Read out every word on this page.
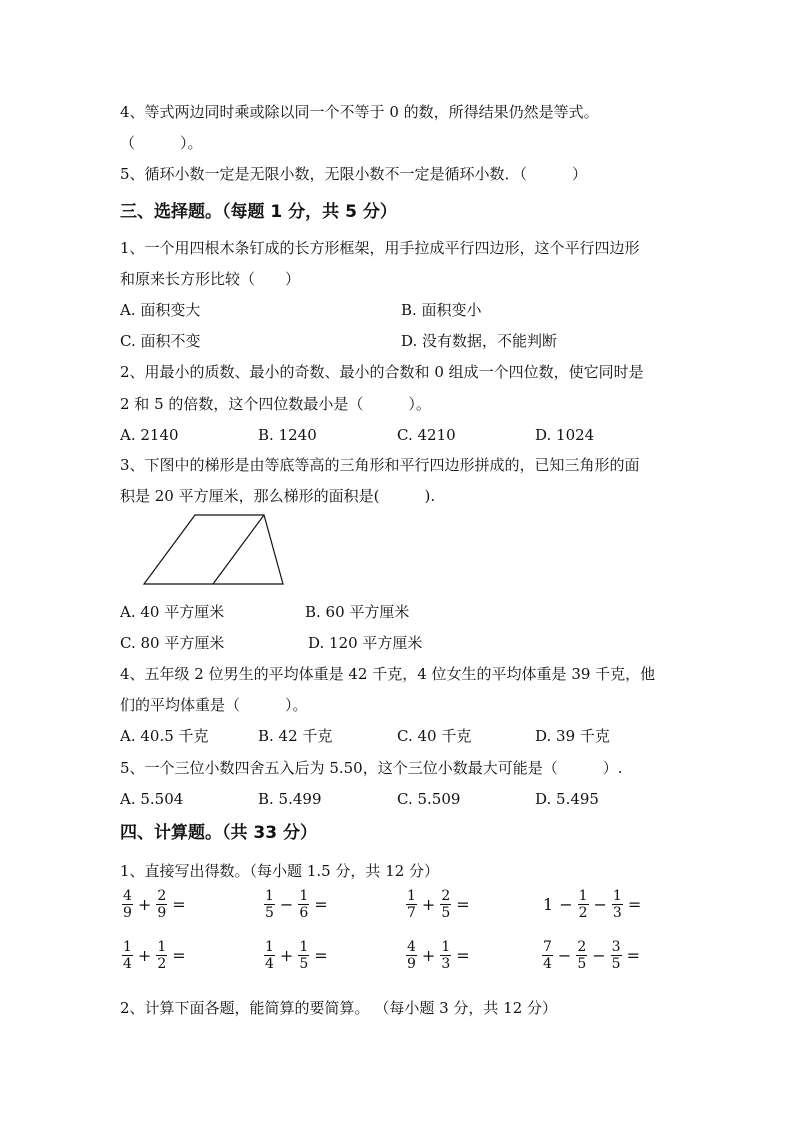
4、等式两边同时乘或除以同一个不等于 0 的数，所得结果仍然是等式。
（　　　）。
5、循环小数一定是无限小数，无限小数不一定是循环小数．（　　　）
三、选择题。（每题 1 分，共 5 分）
1、一个用四根木条钉成的长方形框架，用手拉成平行四边形，这个平行四边形
和原来长方形比较（　　）
A. 面积变大	B. 面积变小
C. 面积不变	D. 没有数据，不能判断
2、用最小的质数、最小的奇数、最小的合数和 0 组成一个四位数，使它同时是
2 和 5 的倍数，这个四位数最小是（　　　）。
A. 2140	B. 1240	C. 4210	D. 1024
3、下图中的梯形是由等底等高的三角形和平行四边形拼成的，已知三角形的面
积是 20 平方厘米，那么梯形的面积是(　　　).
A. 40 平方厘米	B. 60 平方厘米
C. 80 平方厘米	D. 120 平方厘米
4、五年级 2 位男生的平均体重是 42 千克，4 位女生的平均体重是 39 千克，他
们的平均体重是（　　　）。
A. 40.5 千克	B. 42 千克	C. 40 千克	D. 39 千克
5、一个三位小数四舍五入后为 5.50，这个三位小数最大可能是（　　　）.
A. 5.504	B. 5.499	C. 5.509	D. 5.495
四、计算题。（共 33 分）
1、直接写出得数。（每小题 1.5 分，共 12 分）
$\frac{4}{9} + \frac{2}{9}$ =	$\frac{1}{5} - \frac{1}{6}$ =	$\frac{1}{7} + \frac{2}{5}$ =	$1 - \frac{1}{2} - \frac{1}{3}$ =
$\frac{1}{4} + \frac{1}{2}$ =	$\frac{1}{4} + \frac{1}{5}$ =	$\frac{4}{9} + \frac{1}{3}$ =	$\frac{7}{4} - \frac{2}{5} - \frac{3}{5}$ =
2、计算下面各题，能简算的要简算。 （每小题 3 分，共 12 分）
